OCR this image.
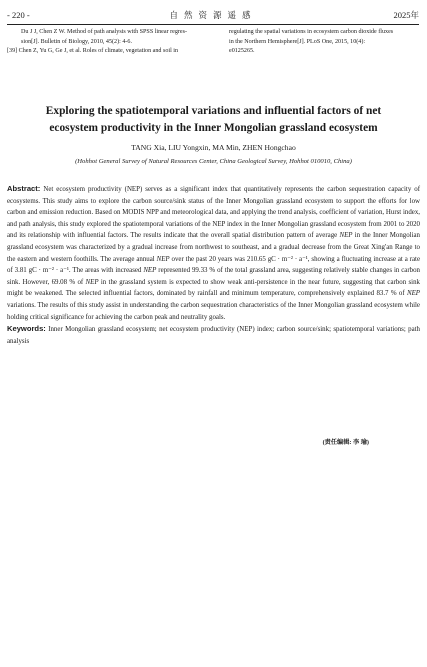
- 220 -	自然资源遥感	2025年

Du J J, Chen Z W. Method of path analysis with SPSS linear regres-

sion[J]. Bulletin of Biology, 2010, 45(2): 4-6.

[39] Chen Z, Yu G, Ge J, et al. Roles of climate, vegetation and soil in

regulating the spatial variations in ecosystem carbon dioxide fluxes

in the Northern Hemisphere[J]. PLoS One, 2015, 10(4):

e0125265.

Exploring the spatiotemporal variations and influential factors of net
ecosystem productivity in the Inner Mongolian grassland ecosystem
TANG Xia, LIU Yongxin, MA Min, ZHEN Hongchao
(Hohhot General Survey of Natural Resources Center, China Geological Survey, Hohhot 010010, China)

Abstract: Net ecosystem productivity (NEP) serves as a significant index that quantitatively represents the carbon sequestration capacity of ecosystems. This study aims to explore the carbon source/sink status of the Inner Mongolian grassland ecosystem to support the efforts for low carbon and emission reduction. Based on MODIS NPP and meteorological data, and applying the trend analysis, coefficient of variation, Hurst index, and path analysis, this study explored the spatiotemporal variations of the NEP index in the Inner Mongolian grassland ecosystem from 2001 to 2020 and its relationship with influential factors. The results indicate that the overall spatial distribution pattern of average NEP in the Inner Mongolian grassland ecosystem was characterized by a gradual increase from northwest to southeast, and a gradual decrease from the Great Xing'an Range to the eastern and western foothills. The average annual NEP over the past 20 years was 210.65 gC · m⁻² · a⁻¹, showing a fluctuating increase at a rate of 3.81 gC · m⁻² · a⁻¹. The areas with increased NEP represented 99.33 % of the total grassland area, suggesting relatively stable changes in carbon sink. However, 69.08 % of NEP in the grassland system is expected to show weak anti-persistence in the near future, suggesting that carbon sink might be weakened. The selected influential factors, dominated by rainfall and minimum temperature, comprehensively explained 83.7 % of NEP variations. The results of this study assist in understanding the carbon sequestration characteristics of the Inner Mongolian grassland ecosystem while holding critical significance for achieving the carbon peak and neutrality goals.

Keywords: Inner Mongolian grassland ecosystem; net ecosystem productivity (NEP) index; carbon source/sink; spatiotemporal variations; path analysis

(责任编辑: 李 瑜)
